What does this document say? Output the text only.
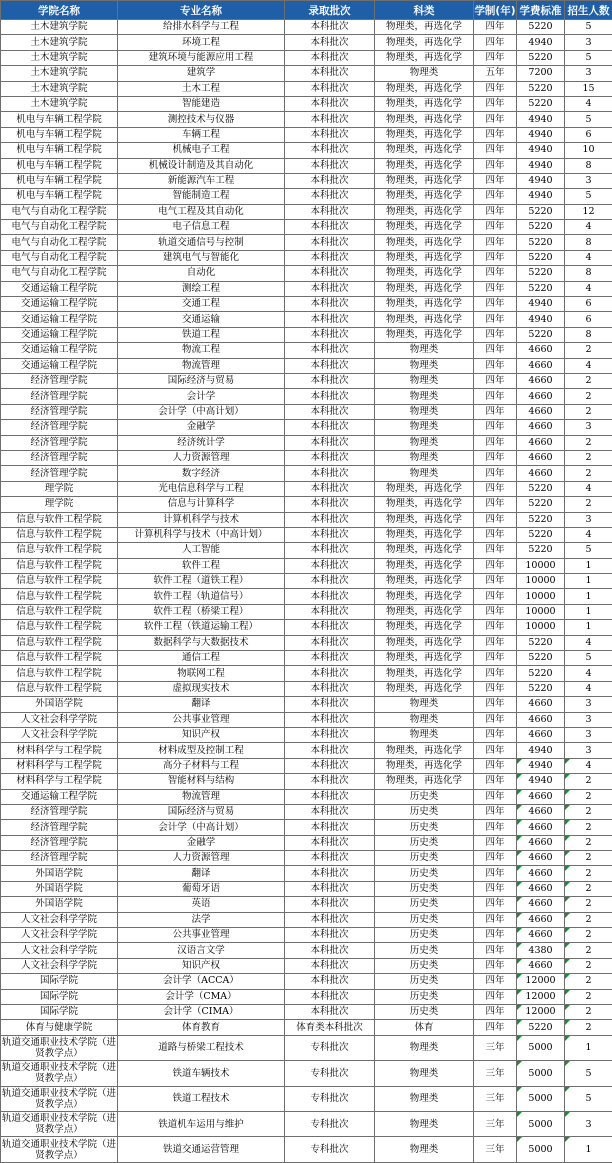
学院名称	专业名称	录取批次	科类	学制(年)	学费标准	招生人数
土木建筑学院	给排水科学与工程	本科批次	物理类，再选化学	四年	5220	5
土木建筑学院	环境工程	本科批次	物理类，再选化学	四年	4940	3
土木建筑学院	建筑环境与能源应用工程	本科批次	物理类，再选化学	四年	5220	5
土木建筑学院	建筑学	本科批次	物理类	五年	7200	3
土木建筑学院	土木工程	本科批次	物理类，再选化学	四年	5220	15
土木建筑学院	智能建造	本科批次	物理类，再选化学	四年	5220	4
机电与车辆工程学院	测控技术与仪器	本科批次	物理类，再选化学	四年	4940	5
机电与车辆工程学院	车辆工程	本科批次	物理类，再选化学	四年	4940	6
机电与车辆工程学院	机械电子工程	本科批次	物理类，再选化学	四年	4940	10
机电与车辆工程学院	机械设计制造及其自动化	本科批次	物理类，再选化学	四年	4940	8
机电与车辆工程学院	新能源汽车工程	本科批次	物理类，再选化学	四年	4940	3
机电与车辆工程学院	智能制造工程	本科批次	物理类，再选化学	四年	4940	5
电气与自动化工程学院	电气工程及其自动化	本科批次	物理类，再选化学	四年	5220	12
电气与自动化工程学院	电子信息工程	本科批次	物理类，再选化学	四年	5220	4
电气与自动化工程学院	轨道交通信号与控制	本科批次	物理类，再选化学	四年	5220	8
电气与自动化工程学院	建筑电气与智能化	本科批次	物理类，再选化学	四年	5220	4
电气与自动化工程学院	自动化	本科批次	物理类，再选化学	四年	5220	8
交通运输工程学院	测绘工程	本科批次	物理类，再选化学	四年	5220	4
交通运输工程学院	交通工程	本科批次	物理类，再选化学	四年	4940	6
交通运输工程学院	交通运输	本科批次	物理类，再选化学	四年	4940	6
交通运输工程学院	铁道工程	本科批次	物理类，再选化学	四年	5220	8
交通运输工程学院	物流工程	本科批次	物理类	四年	4660	2
交通运输工程学院	物流管理	本科批次	物理类	四年	4660	4
经济管理学院	国际经济与贸易	本科批次	物理类	四年	4660	2
经济管理学院	会计学	本科批次	物理类	四年	4660	2
经济管理学院	会计学（中高计划）	本科批次	物理类	四年	4660	2
经济管理学院	金融学	本科批次	物理类	四年	4660	3
经济管理学院	经济统计学	本科批次	物理类	四年	4660	2
经济管理学院	人力资源管理	本科批次	物理类	四年	4660	2
经济管理学院	数字经济	本科批次	物理类	四年	4660	2
理学院	光电信息科学与工程	本科批次	物理类，再选化学	四年	5220	4
理学院	信息与计算科学	本科批次	物理类，再选化学	四年	5220	2
信息与软件工程学院	计算机科学与技术	本科批次	物理类，再选化学	四年	5220	3
信息与软件工程学院	计算机科学与技术（中高计划）	本科批次	物理类，再选化学	四年	5220	4
信息与软件工程学院	人工智能	本科批次	物理类，再选化学	四年	5220	5
信息与软件工程学院	软件工程	本科批次	物理类，再选化学	四年	10000	1
信息与软件工程学院	软件工程（道铁工程）	本科批次	物理类，再选化学	四年	10000	1
信息与软件工程学院	软件工程（轨道信号）	本科批次	物理类，再选化学	四年	10000	1
信息与软件工程学院	软件工程（桥梁工程）	本科批次	物理类，再选化学	四年	10000	1
信息与软件工程学院	软件工程（铁道运输工程）	本科批次	物理类，再选化学	四年	10000	1
信息与软件工程学院	数据科学与大数据技术	本科批次	物理类，再选化学	四年	5220	4
信息与软件工程学院	通信工程	本科批次	物理类，再选化学	四年	5220	5
信息与软件工程学院	物联网工程	本科批次	物理类，再选化学	四年	5220	4
信息与软件工程学院	虚拟现实技术	本科批次	物理类，再选化学	四年	5220	4
外国语学院	翻译	本科批次	物理类	四年	4660	3
人文社会科学学院	公共事业管理	本科批次	物理类	四年	4660	3
人文社会科学学院	知识产权	本科批次	物理类	四年	4660	3
材料科学与工程学院	材料成型及控制工程	本科批次	物理类，再选化学	四年	4940	3
材料科学与工程学院	高分子材料与工程	本科批次	物理类，再选化学	四年	4940	4
材料科学与工程学院	智能材料与结构	本科批次	物理类，再选化学	四年	4940	2
交通运输工程学院	物流管理	本科批次	历史类	四年	4660	2
经济管理学院	国际经济与贸易	本科批次	历史类	四年	4660	2
经济管理学院	会计学（中高计划）	本科批次	历史类	四年	4660	2
经济管理学院	金融学	本科批次	历史类	四年	4660	2
经济管理学院	人力资源管理	本科批次	历史类	四年	4660	2
外国语学院	翻译	本科批次	历史类	四年	4660	2
外国语学院	葡萄牙语	本科批次	历史类	四年	4660	2
外国语学院	英语	本科批次	历史类	四年	4660	2
人文社会科学学院	法学	本科批次	历史类	四年	4660	2
人文社会科学学院	公共事业管理	本科批次	历史类	四年	4660	2
人文社会科学学院	汉语言文学	本科批次	历史类	四年	4380	2
人文社会科学学院	知识产权	本科批次	历史类	四年	4660	2
国际学院	会计学（ACCA）	本科批次	历史类	四年	12000	2
国际学院	会计学（CMA）	本科批次	历史类	四年	12000	2
国际学院	会计学（CIMA）	本科批次	历史类	四年	12000	2
体育与健康学院	体育教育	体育类本科批次	体育	四年	5220	2
轨道交通职业技术学院（进贤教学点）	道路与桥梁工程技术	专科批次	物理类	三年	5000	1
轨道交通职业技术学院（进贤教学点）	铁道车辆技术	专科批次	物理类	三年	5000	5
轨道交通职业技术学院（进贤教学点）	铁道工程技术	专科批次	物理类	三年	5000	5
轨道交通职业技术学院（进贤教学点）	铁道机车运用与维护	专科批次	物理类	三年	5000	3
轨道交通职业技术学院（进贤教学点）	铁道交通运营管理	专科批次	物理类	三年	5000	1
